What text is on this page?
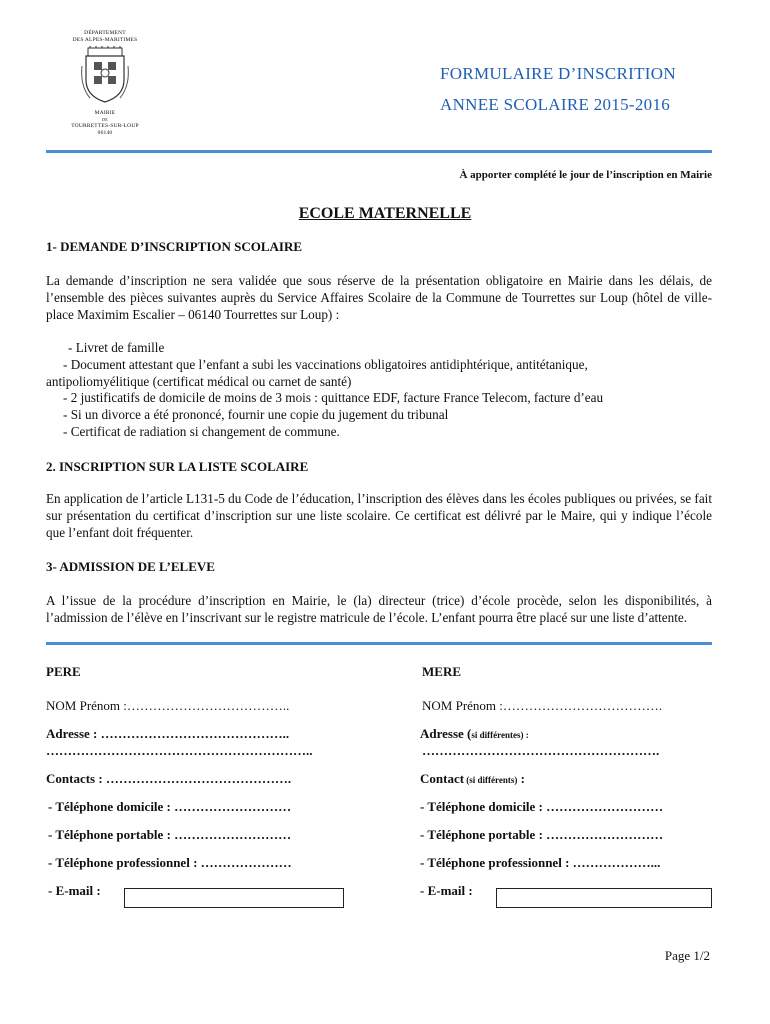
DÉPARTEMENT
DES ALPES-MARITIMES
MAIRIE
DE
TOURRETTES-SUR-LOUP
06140
FORMULAIRE D’INSCRITION
ANNEE SCOLAIRE 2015-2016
À apporter complété le jour de l’inscription en Mairie
ECOLE MATERNELLE
1- DEMANDE D’INSCRIPTION SCOLAIRE
La demande d’inscription ne sera validée que sous réserve de la présentation obligatoire en Mairie dans les délais, de l’ensemble des pièces suivantes auprès du Service Affaires Scolaire de la Commune de Tourrettes sur Loup (hôtel de ville- place Maximim Escalier – 06140 Tourrettes sur Loup) :
- Livret de famille
- Document attestant que l’enfant a subi les vaccinations obligatoires antidiphtérique, antitétanique,
antipoliomyélitique (certificat médical ou carnet de santé)
- 2 justificatifs de domicile de moins de 3 mois : quittance EDF, facture France Telecom, facture d’eau
- Si un divorce a été prononcé, fournir une copie du jugement du tribunal
- Certificat de radiation si changement de commune.
2. INSCRIPTION SUR LA LISTE SCOLAIRE
En application de l’article L131-5 du Code de l’éducation, l’inscription des élèves dans les écoles publiques ou privées, se fait sur présentation du certificat d’inscription sur une liste scolaire. Ce certificat est délivré par le Maire, qui y indique l’école que l’enfant doit fréquenter.
3- ADMISSION DE L’ELEVE
A l’issue de la procédure d’inscription en Mairie, le (la) directeur (trice) d’école procède, selon les disponibilités, à l’admission de l’élève en l’inscrivant sur le registre matricule de l’école. L’enfant pourra être placé sur une liste d’attente.
PERE
NOM Prénom :………………………………..
Adresse : ……………………………………..
……………………………………………………..
Contacts : …………………………………….
- Téléphone domicile : ………………………
- Téléphone portable : ………………………
- Téléphone professionnel : …………………
- E-mail :
MERE
NOM Prénom :……………………………….
Adresse (si différentes) :
……………………………………………….
Contact (si différents) :
- Téléphone domicile : ………………………
- Téléphone portable : ………………………
- Téléphone professionnel : ………………...
- E-mail :
Page 1/2
